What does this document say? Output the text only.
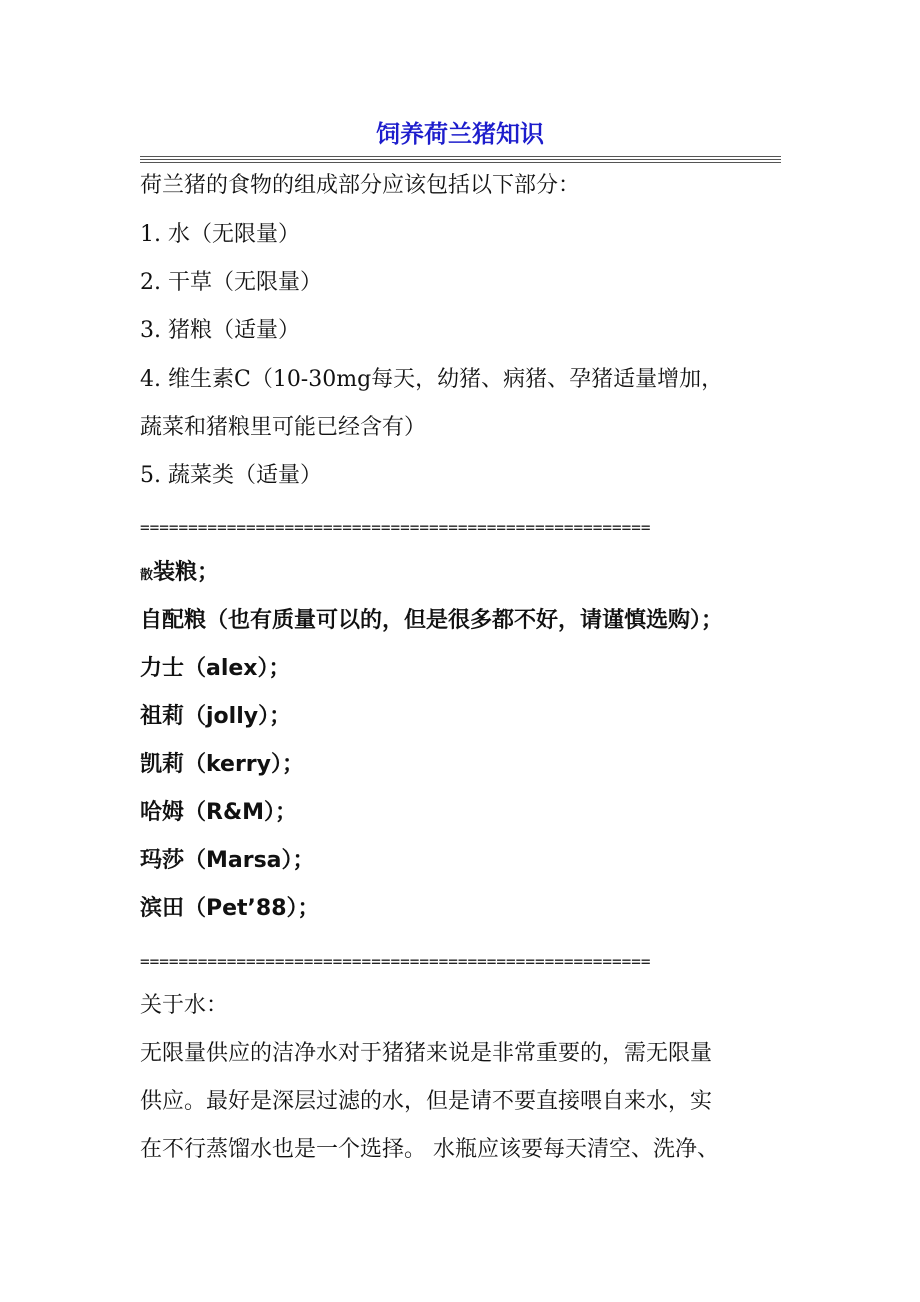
饲养荷兰猪知识
荷兰猪的食物的组成部分应该包括以下部分：
1. 水（无限量）
2. 干草（无限量）
3. 猪粮（适量）
4. 维生素C（10-30mg每天，幼猪、病猪、孕猪适量增加，
蔬菜和猪粮里可能已经含有）
5. 蔬菜类（适量）
=====================================================
散装粮；
自配粮（也有质量可以的，但是很多都不好，请谨慎选购）；
力士（alex）；
祖莉（jolly）；
凯莉（kerry）；
哈姆（R&M）；
玛莎（Marsa）；
滨田（Pet’88）；
=====================================================
关于水：
无限量供应的洁净水对于猪猪来说是非常重要的，需无限量
供应。最好是深层过滤的水，但是请不要直接喂自来水，实
在不行蒸馏水也是一个选择。 水瓶应该要每天清空、洗净、
